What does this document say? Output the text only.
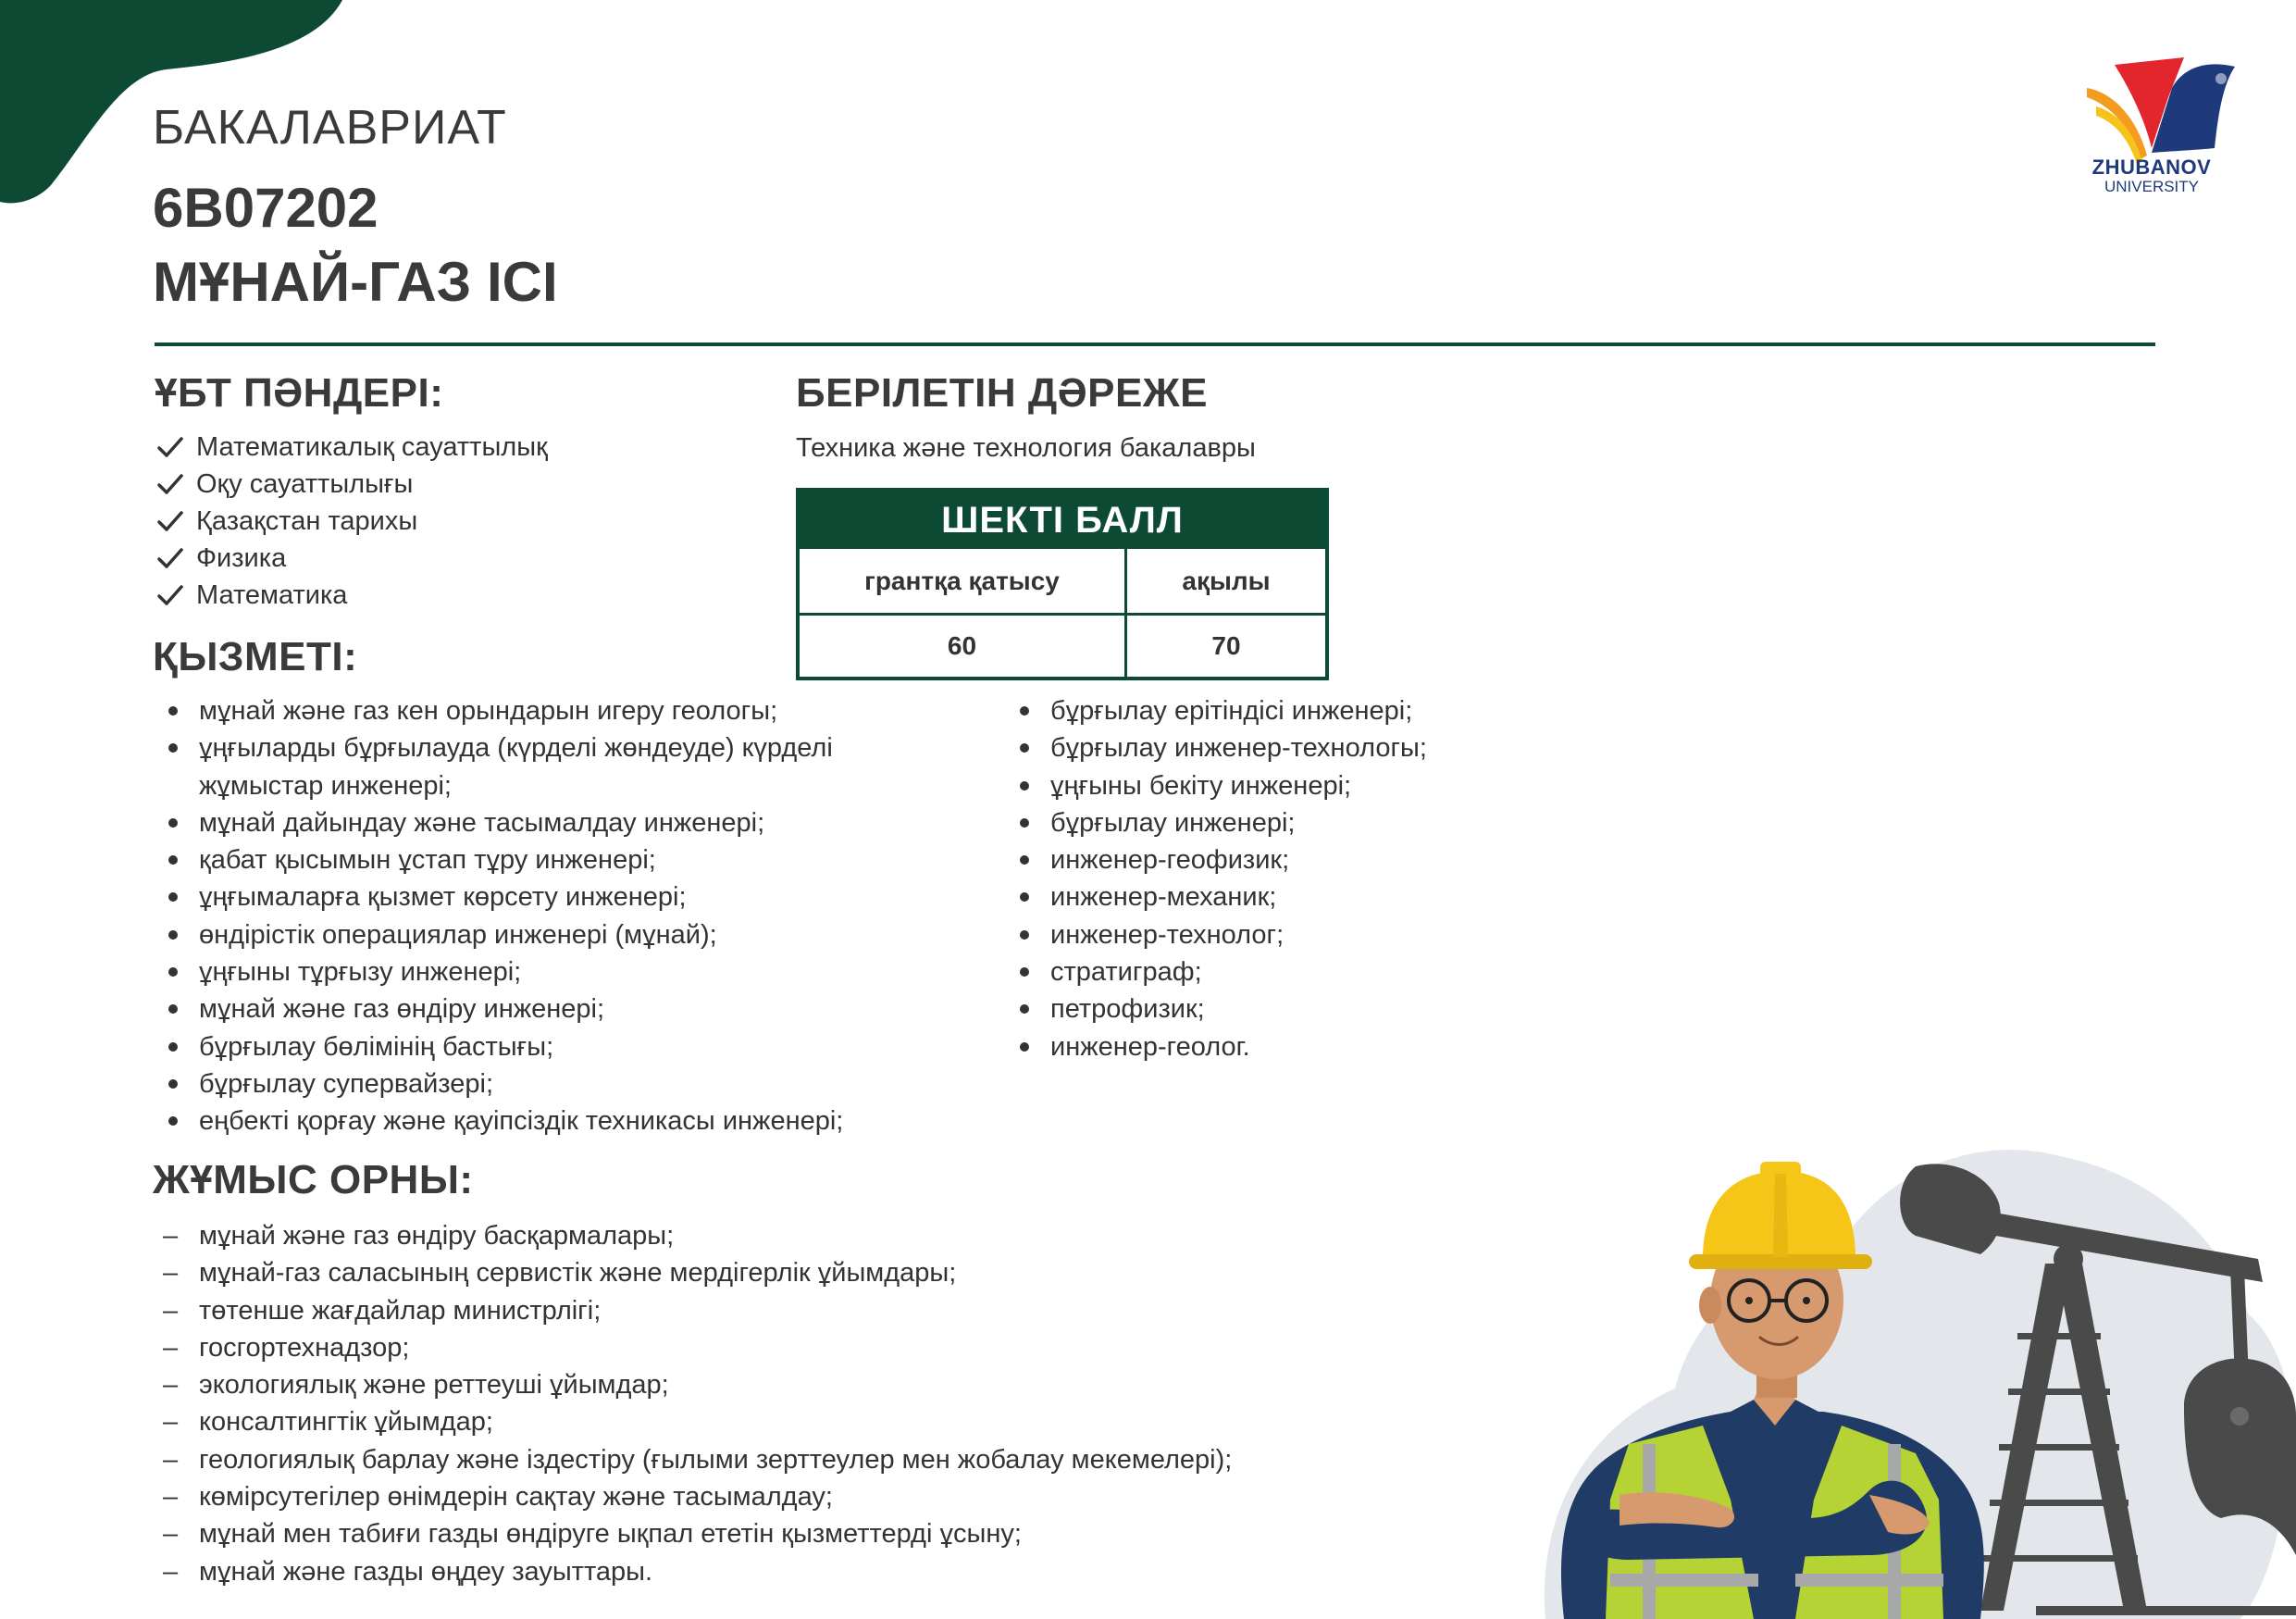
ZHUBANOV
UNIVERSITY
БАКАЛАВРИАТ
6B07202
МҰНАЙ-ГАЗ ІСІ
ҰБТ ПӘНДЕРІ:
Математикалық сауаттылық
Оқу сауаттылығы
Қазақстан тарихы
Физика
Математика
БЕРІЛЕТІН ДӘРЕЖЕ
Техника және технология бакалавры
ШЕКТІ БАЛЛ
грантқа қатысу	ақылы
60	70
ҚЫЗМЕТІ:
мұнай және газ кен орындарын игеру геологы;
ұңғыларды бұрғылауда (күрделі жөндеуде) күрделі жұмыстар инженері;
мұнай дайындау және тасымалдау инженері;
қабат қысымын ұстап тұру инженері;
ұңғымаларға қызмет көрсету инженері;
өндірістік операциялар инженері (мұнай);
ұңғыны тұрғызу инженері;
мұнай және газ өндіру инженері;
бұрғылау бөлімінің бастығы;
бұрғылау супервайзері;
еңбекті қорғау және қауіпсіздік техникасы инженері;
бұрғылау ерітіндісі инженері;
бұрғылау инженер-технологы;
ұңғыны бекіту инженері;
бұрғылау инженері;
инженер-геофизик;
инженер-механик;
инженер-технолог;
стратиграф;
петрофизик;
инженер-геолог.
ЖҰМЫС ОРНЫ:
– мұнай және газ өндіру басқармалары;
– мұнай-газ саласының сервистік және мердігерлік ұйымдары;
– төтенше жағдайлар министрлігі;
– госгортехнадзор;
– экологиялық және реттеуші ұйымдар;
– консалтингтік ұйымдар;
– геологиялық барлау және іздестіру (ғылыми зерттеулер мен жобалау мекемелері);
– көмірсутегілер өнімдерін сақтау және тасымалдау;
– мұнай мен табиғи газды өндіруге ықпал ететін қызметтерді ұсыну;
– мұнай және газды өңдеу зауыттары.
